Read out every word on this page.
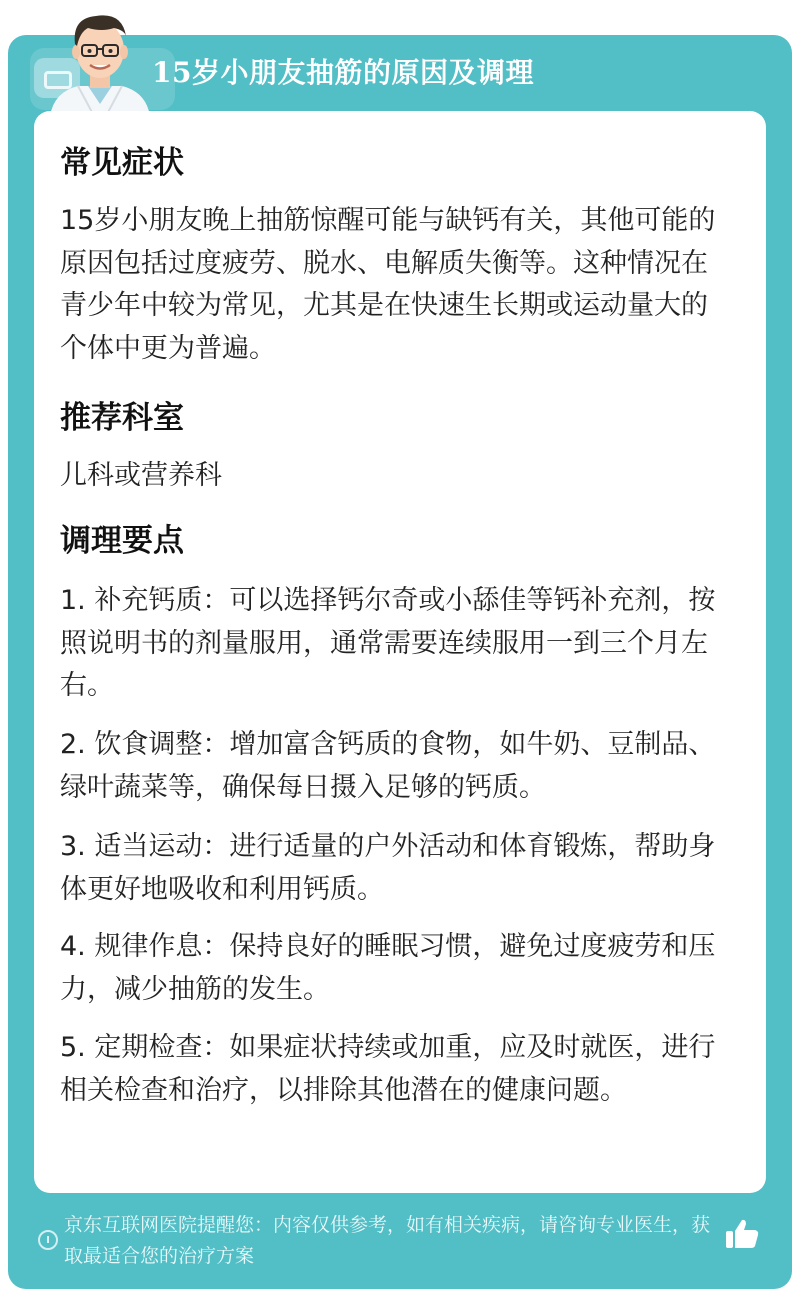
15岁小朋友抽筋的原因及调理
常见症状
15岁小朋友晚上抽筋惊醒可能与缺钙有关，其他可能的原因包括过度疲劳、脱水、电解质失衡等。这种情况在青少年中较为常见，尤其是在快速生长期或运动量大的个体中更为普遍。
推荐科室
儿科或营养科
调理要点
1. 补充钙质：可以选择钙尔奇或小舔佳等钙补充剂，按照说明书的剂量服用，通常需要连续服用一到三个月左右。
2. 饮食调整：增加富含钙质的食物，如牛奶、豆制品、绿叶蔬菜等，确保每日摄入足够的钙质。
3. 适当运动：进行适量的户外活动和体育锻炼，帮助身体更好地吸收和利用钙质。
4. 规律作息：保持良好的睡眠习惯，避免过度疲劳和压力，减少抽筋的发生。
5. 定期检查：如果症状持续或加重，应及时就医，进行相关检查和治疗，以排除其他潜在的健康问题。
京东互联网医院提醒您：内容仅供参考，如有相关疾病，请咨询专业医生，获取最适合您的治疗方案
